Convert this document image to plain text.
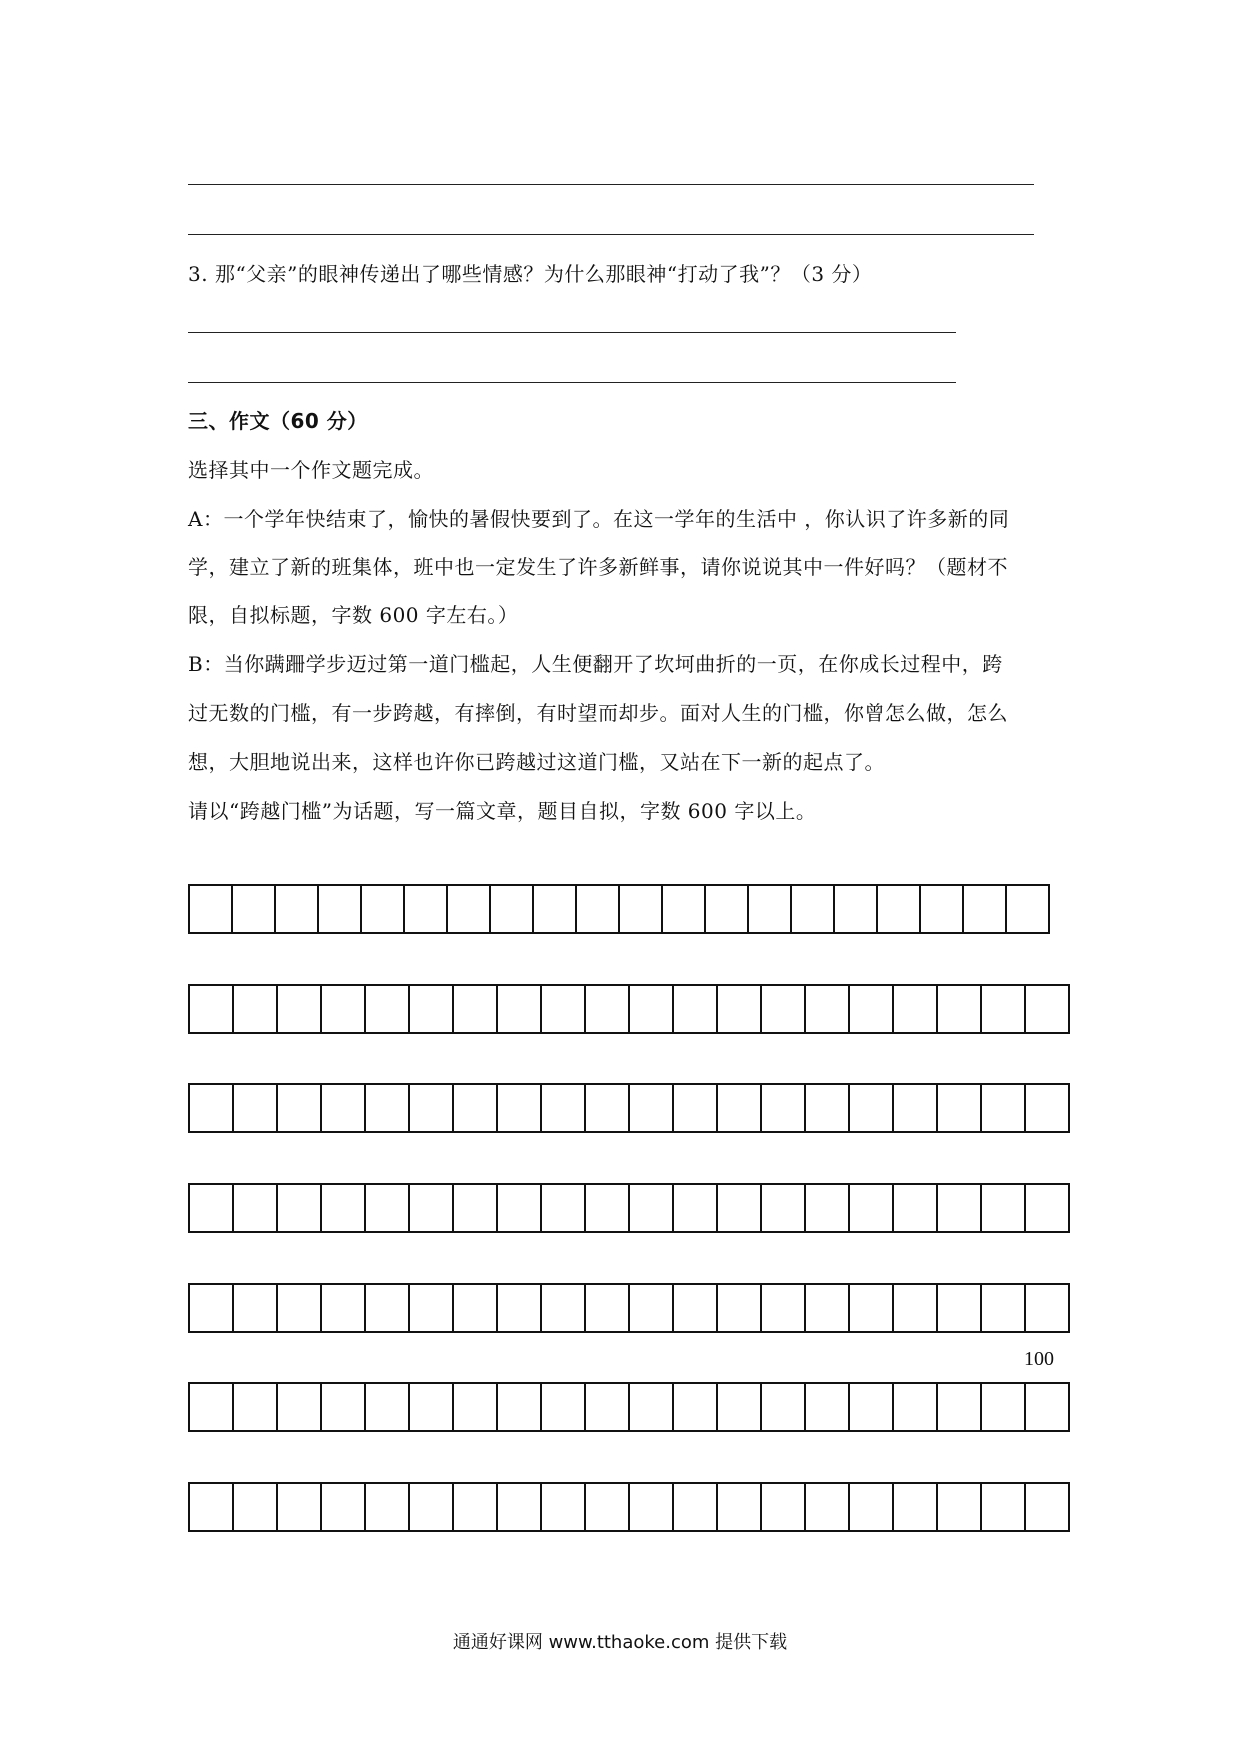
3. 那“父亲”的眼神传递出了哪些情感？为什么那眼神“打动了我”？（3 分）
三、作文（60 分）
选择其中一个作文题完成。
A：一个学年快结束了，愉快的暑假快要到了。在这一学年的生活中 ，你认识了许多新的同
学，建立了新的班集体，班中也一定发生了许多新鲜事，请你说说其中一件好吗？（题材不
限，自拟标题，字数 600 字左右。）
B：当你蹒跚学步迈过第一道门槛起，人生便翻开了坎坷曲折的一页，在你成长过程中，跨
过无数的门槛，有一步跨越，有摔倒，有时望而却步。面对人生的门槛，你曾怎么做，怎么
想，大胆地说出来，这样也许你已跨越过这道门槛，又站在下一新的起点了。
请以“跨越门槛”为话题，写一篇文章，题目自拟，字数 600 字以上。
100
通通好课网 www.tthaoke.com 提供下载
